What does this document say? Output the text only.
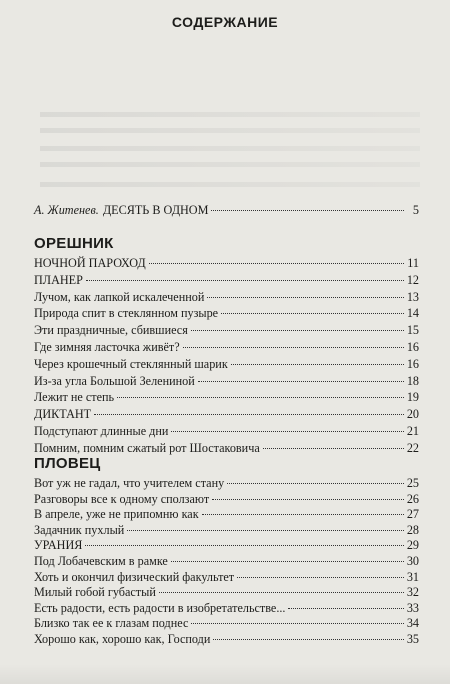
СОДЕРЖАНИЕ
А. Житенев. ДЕСЯТЬ В ОДНОМ	5
ОРЕШНИК
НОЧНОЙ ПАРОХОД	11
ПЛАНЕР	12
Лучом, как лапкой искалеченной	13
Природа спит в стеклянном пузыре	14
Эти праздничные, сбившиеся	15
Где зимняя ласточка живёт?	16
Через крошечный стеклянный шарик	16
Из-за угла Большой Зелениной	18
Лежит не степь	19
ДИКТАНТ	20
Подступают длинные дни	21
Помним, помним сжатый рот Шостаковича	22
ПЛОВЕЦ
Вот уж не гадал, что учителем стану	25
Разговоры все к одному сползают	26
В апреле, уже не припомню как	27
Задачник пухлый	28
УРАНИЯ	29
Под Лобачевским в рамке	30
Хоть и окончил физический факультет	31
Милый гобой губастый	32
Есть радости, есть радости в изобретательстве...	33
Близко так ее к глазам поднес	34
Хорошо как, хорошо как, Господи	35
